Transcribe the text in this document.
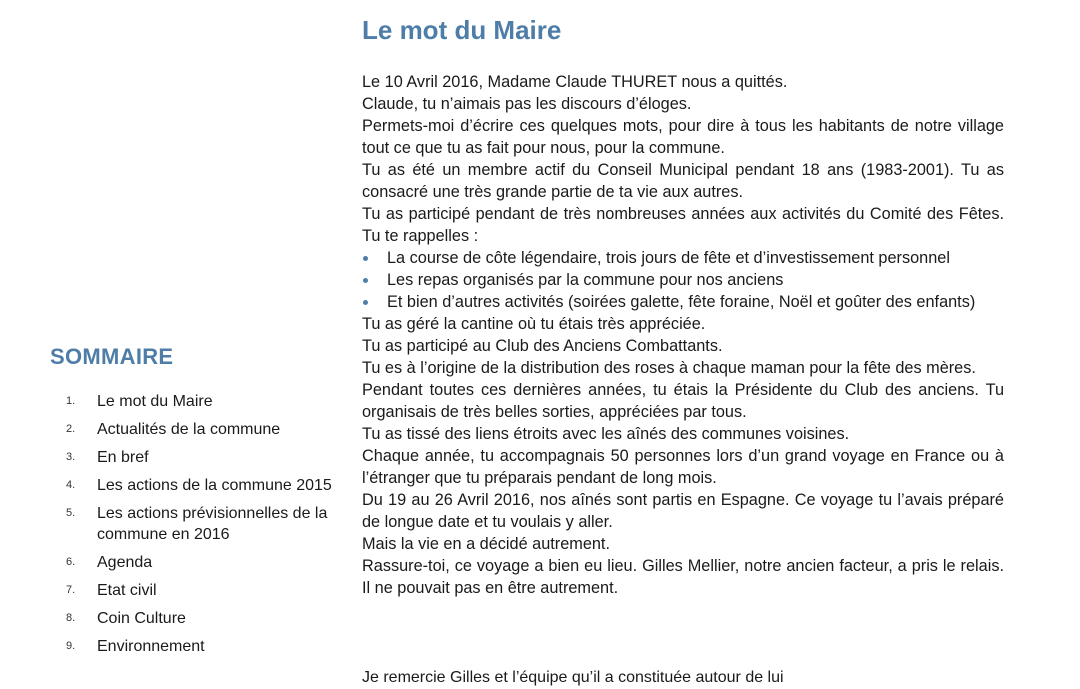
SOMMAIRE
1.	Le mot du Maire
2.	Actualités de la commune
3.	En bref
4.	Les actions de la commune 2015
5.	Les actions prévisionnelles de la commune en 2016
6.	Agenda
7.	Etat civil
8.	Coin Culture
9.	Environnement
Le mot du Maire

Le 10 Avril 2016, Madame Claude THURET nous a quittés.

Claude, tu n’aimais pas les discours d’éloges.

Permets-moi d’écrire ces quelques mots, pour dire à tous les habitants de notre village tout ce que tu as fait pour nous, pour la commune.

Tu as été un membre actif du Conseil Municipal pendant 18 ans (1983-2001). Tu as consacré une très grande partie de ta vie aux autres.

Tu as participé pendant de très nombreuses années aux activités du Comité des Fêtes. Tu te rappelles :

La course de côte légendaire, trois jours de fête et d’investissement personnel
Les repas organisés par la commune pour nos anciens
Et bien d’autres activités (soirées galette, fête foraine, Noël et goûter des enfants)

Tu as géré la cantine où tu étais très appréciée.

Tu as participé au Club des Anciens Combattants.

Tu es à l’origine de la distribution des roses à chaque maman pour la fête des mères.

Pendant toutes ces dernières années, tu étais la Présidente du Club des anciens. Tu organisais de très belles sorties, appréciées par tous.

Tu as tissé des liens étroits avec les aînés des communes voisines.

Chaque année, tu accompagnais 50 personnes lors d’un grand voyage en France ou à l’étranger que tu préparais pendant de long mois.

Du 19 au 26 Avril 2016, nos aînés sont partis en Espagne. Ce voyage tu l’avais préparé de longue date et tu voulais y aller.

Mais la vie en a décidé autrement.

Rassure-toi, ce voyage a bien eu lieu. Gilles Mellier, notre ancien facteur, a pris le relais. Il ne pouvait pas en être autrement.

Je remercie Gilles et l’équipe qu’il a constituée autour de lui
